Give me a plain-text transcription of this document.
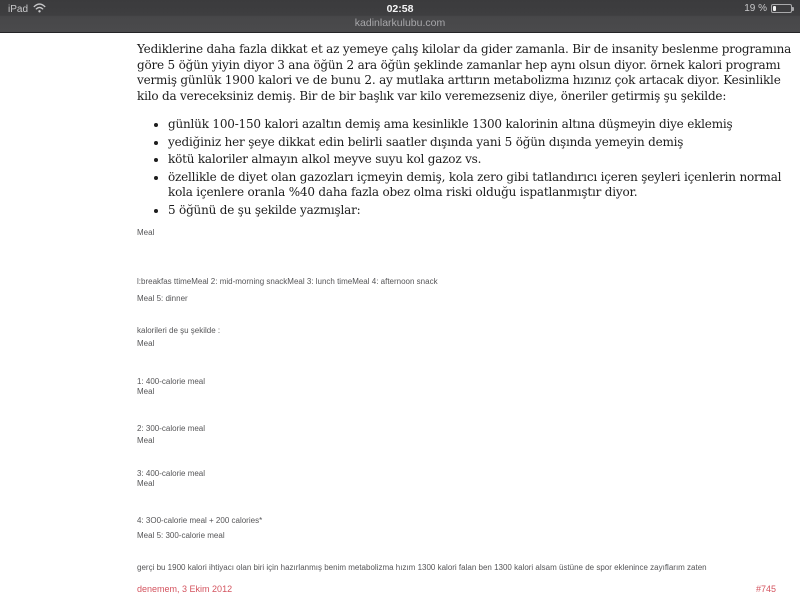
iPad	02:58	19 %
kadinlarkulubu.com

Yediklerine daha fazla dikkat et az yemeye çalış kilolar da gider zamanla. Bir de insanity beslenme programına göre 5 öğün yiyin diyor 3 ana öğün 2 ara öğün şeklinde zamanlar hep aynı olsun diyor. örnek kalori programı vermiş günlük 1900 kalori ve de bunu 2. ay mutlaka arttırın metabolizma hızınız çok artacak diyor. Kesinlikle kilo da vereceksiniz demiş. Bir de bir başlık var kilo veremezseniz diye, öneriler getirmiş şu şekilde:

• günlük 100-150 kalori azaltın demiş ama kesinlikle 1300 kalorinin altına düşmeyin diye eklemiş
• yediğiniz her şeye dikkat edin belirli saatler dışında yani 5 öğün dışında yemeyin demiş
• kötü kaloriler almayın alkol meyve suyu kol gazoz vs.
• özellikle de diyet olan gazozları içmeyin demiş, kola zero gibi tatlandırıcı içeren şeyleri içenlerin normal kola içenlere oranla %40 daha fazla obez olma riski olduğu ispatlanmıştır diyor.
• 5 öğünü de şu şekilde yazmışlar:
Meal
l:breakfas ttimeMeal 2: mid-morning snackMeal 3: lunch timeMeal 4: afternoon snack
Meal 5: dinner
kalorileri de şu şekilde :
Meal
1: 400-calorie meal
Meal
2: 300-calorie meal
Meal
3: 400-calorie meal
Meal
4: 3O0-calorie meal + 200 calories*
Meal 5: 300-calorie meal
gerçi bu 1900 kalori ihtiyacı olan biri için hazırlanmış benim metabolizma hızım 1300 kalori falan ben 1300 kalori alsam üstüne de spor eklenince zayıflarım zaten
denemem, 3 Ekim 2012	#745
